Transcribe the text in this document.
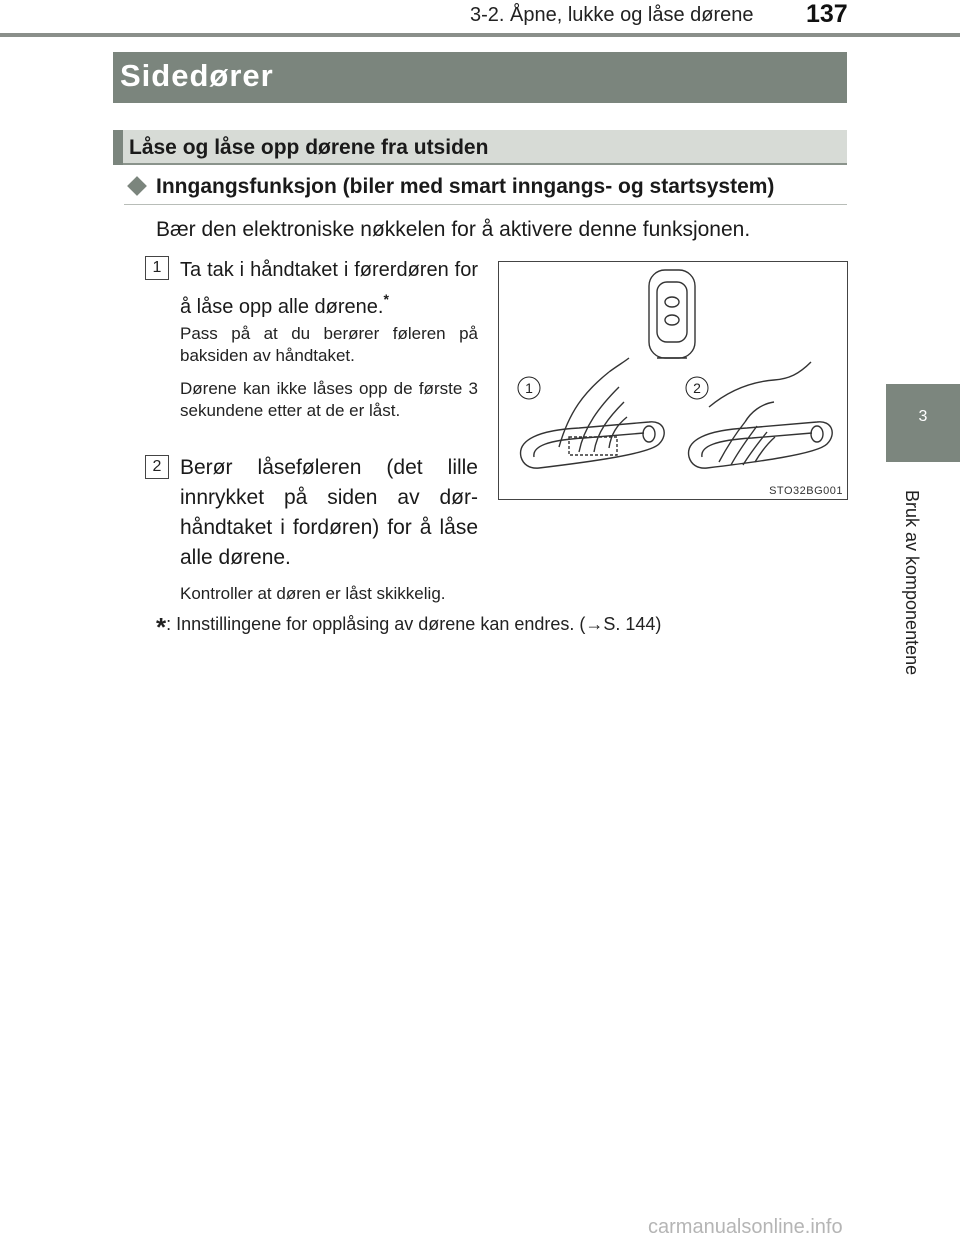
3-2. Åpne, lukke og låse dørene 137
3
Bruk av komponentene
Sidedører
Låse og låse opp dørene fra utsiden
Inngangsfunksjon (biler med smart inngangs- og startsystem)
Bær den elektroniske nøkkelen for å aktivere denne funksjonen.
1 Ta tak i håndtaket i førerdøren for å låse opp alle dørene.*
Pass på at du berører føleren på baksiden av håndtaket.
Dørene kan ikke låses opp de første 3 sekundene etter at de er låst.
2 Berør låseføleren (det lille innrykket på siden av dør-håndtaket i fordøren) for å låse alle dørene.
Kontroller at døren er låst skikkelig.
*: Innstillingene for opplåsing av dørene kan endres. (→S. 144)
1	2
STO32BG001
carmanualsonline.info
